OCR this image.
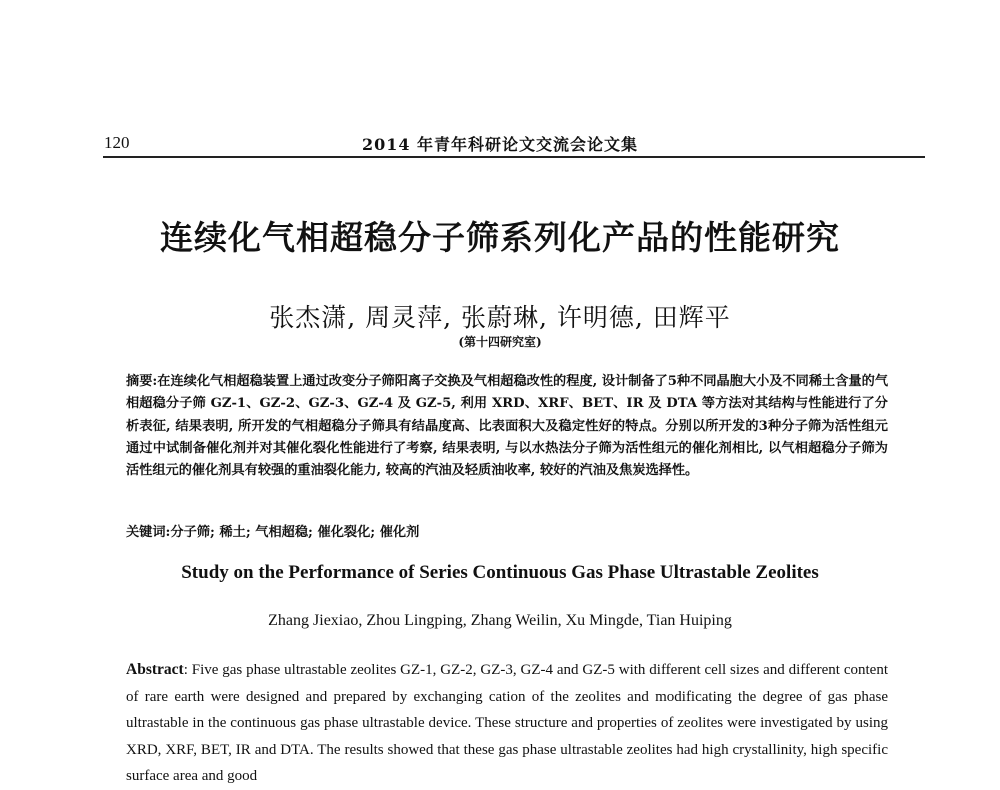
120	2014 年青年科研论文交流会论文集
连续化气相超稳分子筛系列化产品的性能研究
张杰潇, 周灵萍, 张蔚琳, 许明德, 田辉平
(第十四研究室)
摘要:在连续化气相超稳装置上通过改变分子筛阳离子交换及气相超稳改性的程度, 设计制备了5种不同晶胞大小及不同稀土含量的气相超稳分子筛 GZ-1、GZ-2、GZ-3、GZ-4 及 GZ-5, 利用 XRD、XRF、BET、IR 及 DTA 等方法对其结构与性能进行了分析表征, 结果表明, 所开发的气相超稳分子筛具有结晶度高、比表面积大及稳定性好的特点。分别以所开发的3种分子筛为活性组元通过中试制备催化剂并对其催化裂化性能进行了考察, 结果表明, 与以水热法分子筛为活性组元的催化剂相比, 以气相超稳分子筛为活性组元的催化剂具有较强的重油裂化能力, 较高的汽油及轻质油收率, 较好的汽油及焦炭选择性。
关键词:分子筛; 稀土; 气相超稳; 催化裂化; 催化剂
Study on the Performance of Series Continuous Gas Phase Ultrastable Zeolites
Zhang Jiexiao, Zhou Lingping, Zhang Weilin, Xu Mingde, Tian Huiping
Abstract: Five gas phase ultrastable zeolites GZ-1, GZ-2, GZ-3, GZ-4 and GZ-5 with different cell sizes and different content of rare earth were designed and prepared by exchanging cation of the zeolites and modificating the degree of gas phase ultrastable in the continuous gas phase ultrastable device. These structure and properties of zeolites were investigated by using XRD, XRF, BET, IR and DTA. The results showed that these gas phase ultrastable zeolites had high crystallinity, high specific surface area and good
